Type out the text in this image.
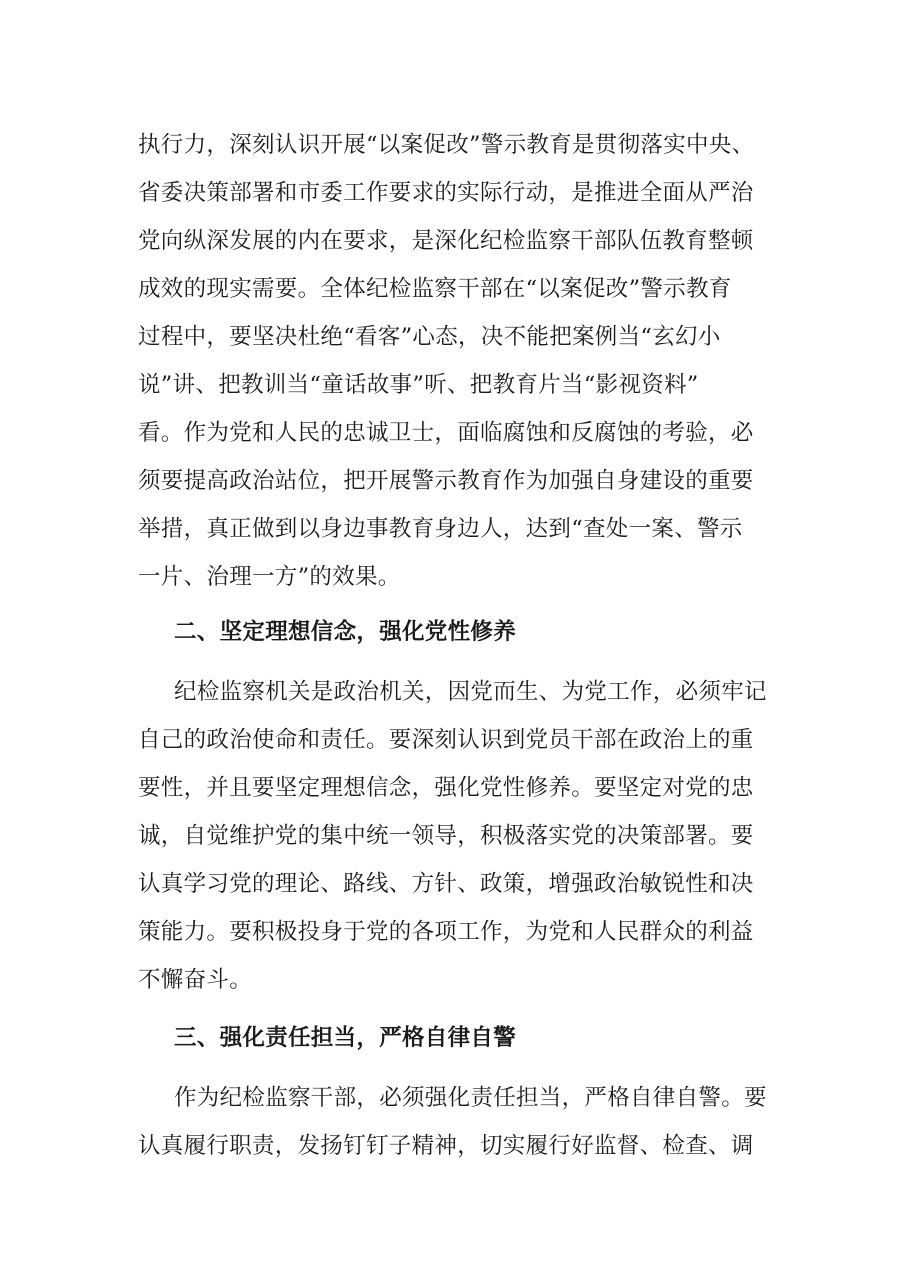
执行力，深刻认识开展“以案促改”警示教育是贯彻落实中央、
省委决策部署和市委工作要求的实际行动，是推进全面从严治
党向纵深发展的内在要求，是深化纪检监察干部队伍教育整顿
成效的现实需要。全体纪检监察干部在“以案促改”警示教育
过程中，要坚决杜绝“看客”心态，决不能把案例当“玄幻小
说”讲、把教训当“童话故事”听、把教育片当“影视资料”
看。作为党和人民的忠诚卫士，面临腐蚀和反腐蚀的考验，必
须要提高政治站位，把开展警示教育作为加强自身建设的重要
举措，真正做到以身边事教育身边人，达到“查处一案、警示
一片、治理一方”的效果。
二、坚定理想信念，强化党性修养
纪检监察机关是政治机关，因党而生、为党工作，必须牢记
自己的政治使命和责任。要深刻认识到党员干部在政治上的重
要性，并且要坚定理想信念，强化党性修养。要坚定对党的忠
诚，自觉维护党的集中统一领导，积极落实党的决策部署。要
认真学习党的理论、路线、方针、政策，增强政治敏锐性和决
策能力。要积极投身于党的各项工作，为党和人民群众的利益
不懈奋斗。
三、强化责任担当，严格自律自警
作为纪检监察干部，必须强化责任担当，严格自律自警。要
认真履行职责，发扬钉钉子精神，切实履行好监督、检查、调
